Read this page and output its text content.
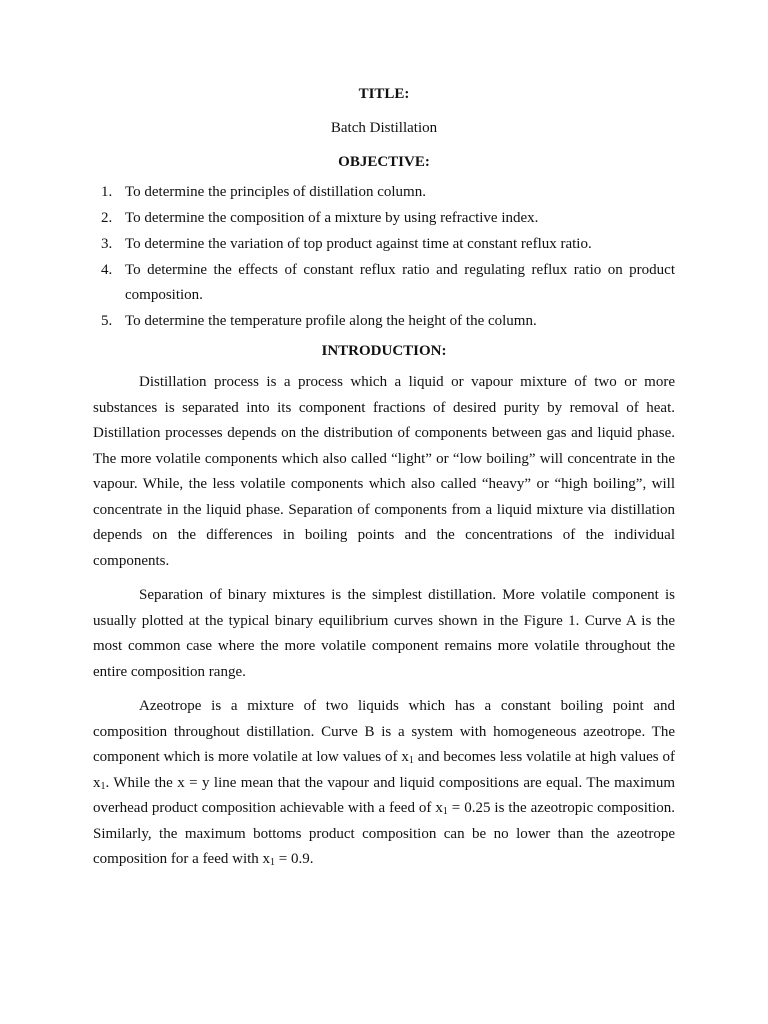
TITLE:

Batch Distillation

OBJECTIVE:

1. To determine the principles of distillation column.
2. To determine the composition of a mixture by using refractive index.
3. To determine the variation of top product against time at constant reflux ratio.
4. To determine the effects of constant reflux ratio and regulating reflux ratio on product composition.
5. To determine the temperature profile along the height of the column.

INTRODUCTION:

Distillation process is a process which a liquid or vapour mixture of two or more substances is separated into its component fractions of desired purity by removal of heat. Distillation processes depends on the distribution of components between gas and liquid phase. The more volatile components which also called “light” or “low boiling” will concentrate in the vapour. While, the less volatile components which also called “heavy” or “high boiling”, will concentrate in the liquid phase. Separation of components from a liquid mixture via distillation depends on the differences in boiling points and the concentrations of the individual components.

Separation of binary mixtures is the simplest distillation. More volatile component is usually plotted at the typical binary equilibrium curves shown in the Figure 1. Curve A is the most common case where the more volatile component remains more volatile throughout the entire composition range.

Azeotrope is a mixture of two liquids which has a constant boiling point and composition throughout distillation. Curve B is a system with homogeneous azeotrope. The component which is more volatile at low values of $x_1$ and becomes less volatile at high values of $x_1$. While the x = y line mean that the vapour and liquid compositions are equal. The maximum overhead product composition achievable with a feed of $x_1 = 0.25$ is the azeotropic composition. Similarly, the maximum bottoms product composition can be no lower than the azeotrope composition for a feed with $x_1 = 0.9$.
